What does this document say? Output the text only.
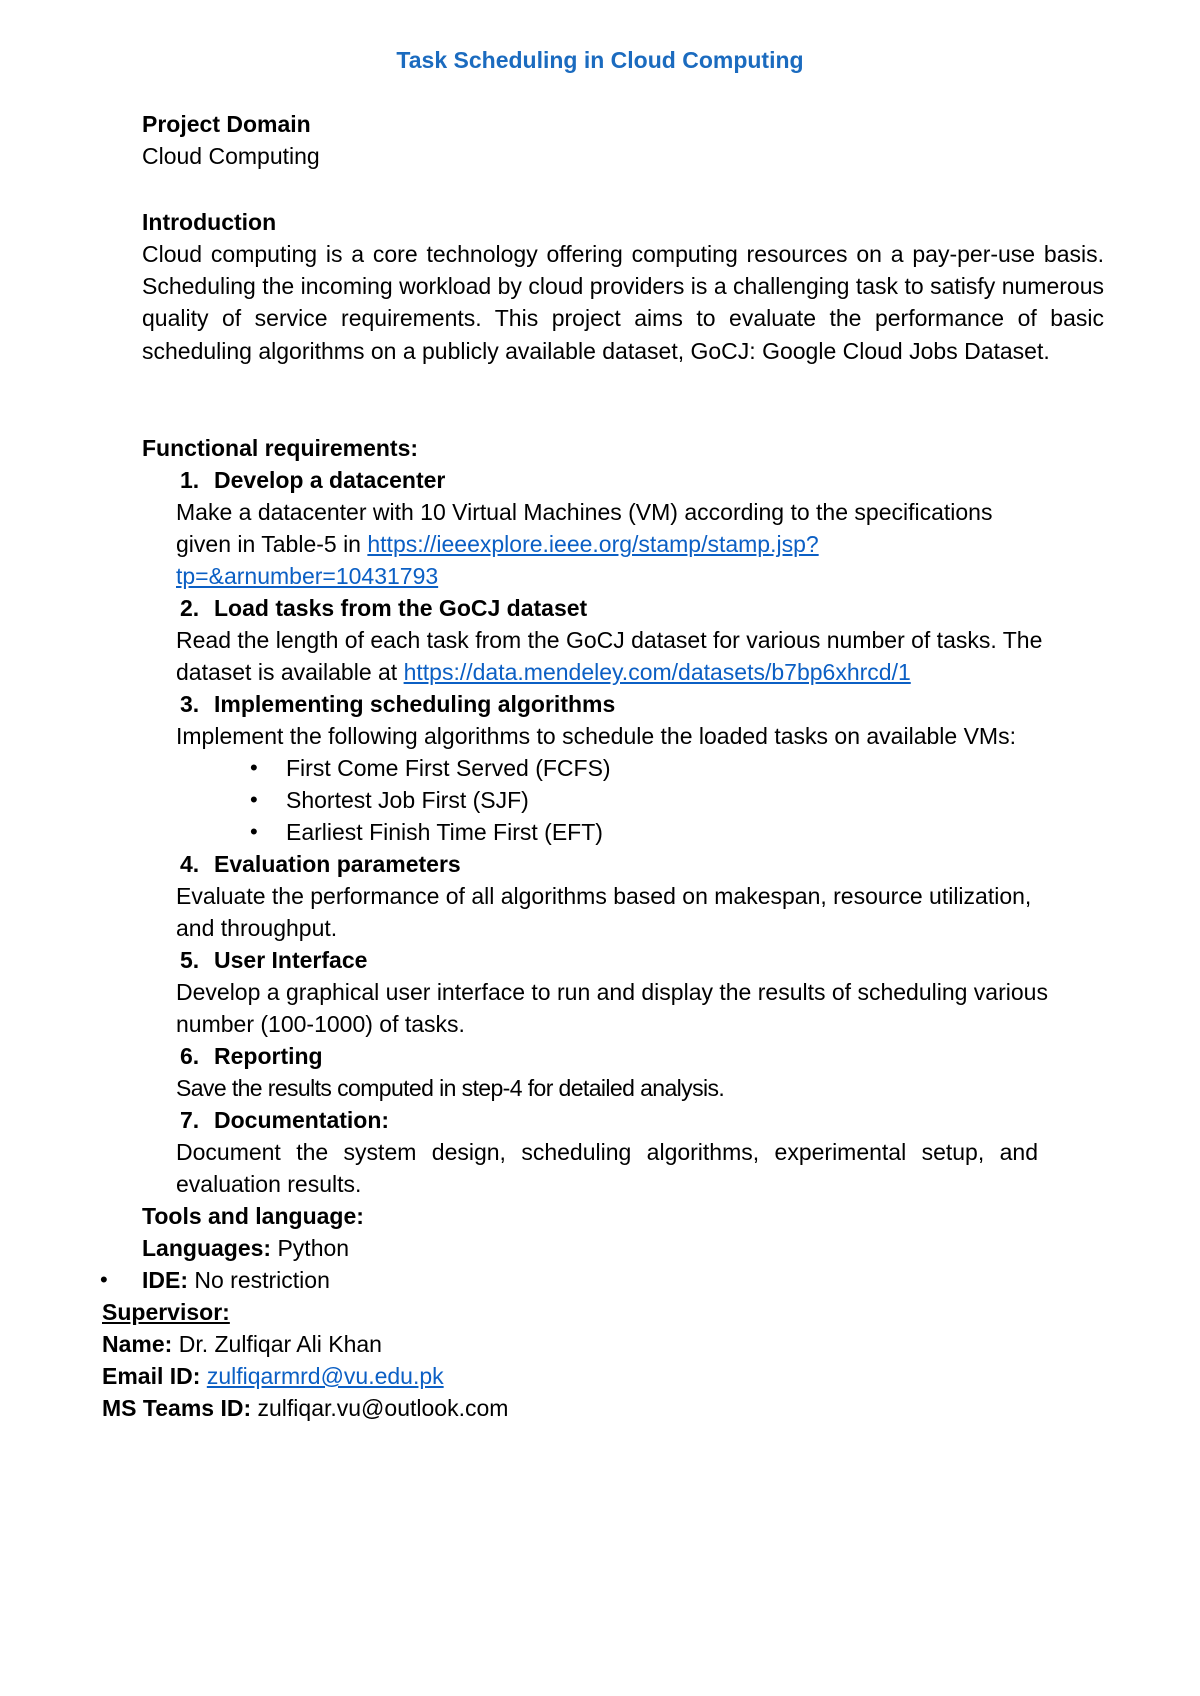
Task Scheduling in Cloud Computing
Project Domain
Cloud Computing
Introduction
Cloud computing is a core technology offering computing resources on a pay-per-use basis. Scheduling the incoming workload by cloud providers is a challenging task to satisfy numerous quality of service requirements. This project aims to evaluate the performance of basic scheduling algorithms on a publicly available dataset, GoCJ: Google Cloud Jobs Dataset.
Functional requirements:
1. Develop a datacenter
Make a datacenter with 10 Virtual Machines (VM) according to the specifications
given in Table-5 in https://ieeexplore.ieee.org/stamp/stamp.jsp?
tp=&arnumber=10431793
2. Load tasks from the GoCJ dataset
Read the length of each task from the GoCJ dataset for various number of tasks. The
dataset is available at https://data.mendeley.com/datasets/b7bp6xhrcd/1
3. Implementing scheduling algorithms
Implement the following algorithms to schedule the loaded tasks on available VMs:
• First Come First Served (FCFS)
• Shortest Job First (SJF)
• Earliest Finish Time First (EFT)
4. Evaluation parameters
Evaluate the performance of all algorithms based on makespan, resource utilization,
and throughput.
5. User Interface
Develop a graphical user interface to run and display the results of scheduling various
number (100-1000) of tasks.
6. Reporting
Save the results computed in step-4 for detailed analysis.
7. Documentation:
Document the system design, scheduling algorithms, experimental setup, and
evaluation results.
Tools and language:
Languages: Python
• IDE: No restriction
Supervisor:
Name: Dr. Zulfiqar Ali Khan
Email ID: zulfiqarmrd@vu.edu.pk
MS Teams ID: zulfiqar.vu@outlook.com
